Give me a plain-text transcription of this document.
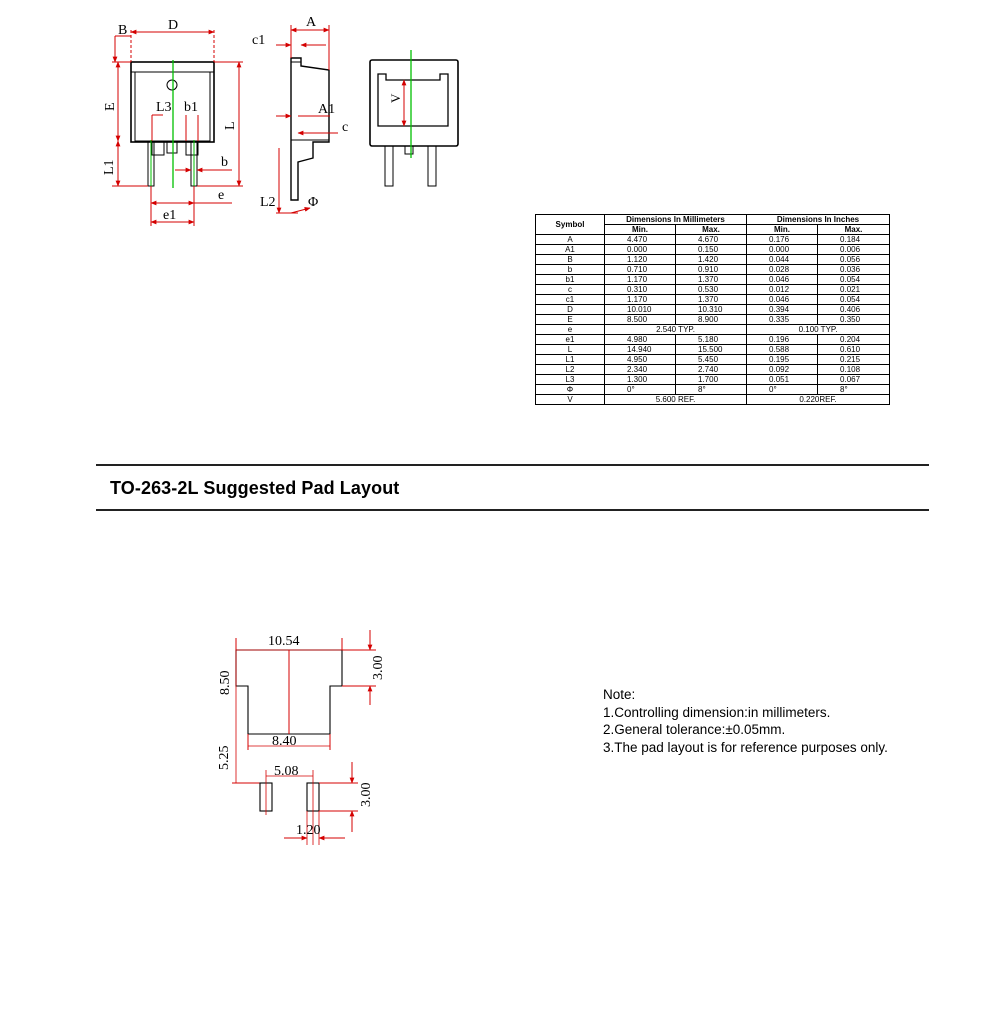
D
B
E
L1
L
L3 b1
b
e
e1
A
c1
A1
c
L2 Φ
V
Symbol	Dimensions In Millimeters		Dimensions In Inches	
	Min.	Max.	Min.	Max.
A	4.470	4.670	0.176	0.184
A1	0.000	0.150	0.000	0.006
B	1.120	1.420	0.044	0.056
b	0.710	0.910	0.028	0.036
b1	1.170	1.370	0.046	0.054
c	0.310	0.530	0.012	0.021
c1	1.170	1.370	0.046	0.054
D	10.010	10.310	0.394	0.406
E	8.500	8.900	0.335	0.350
e	2.540 TYP.		0.100 TYP.	
e1	4.980	5.180	0.196	0.204
L	14.940	15.500	0.588	0.610
L1	4.950	5.450	0.195	0.215
L2	2.340	2.740	0.092	0.108
L3	1.300	1.700	0.051	0.067
Φ	0°	8°	0°	8°
V	5.600 REF.		0.220REF.	
TO-263-2L Suggested Pad Layout
10.54
8.50
3.00
8.40
5.25
5.08
3.00
1.20
Note:
1.Controlling dimension:in millimeters.
2.General tolerance:±0.05mm.
3.The pad layout is for reference purposes only.
